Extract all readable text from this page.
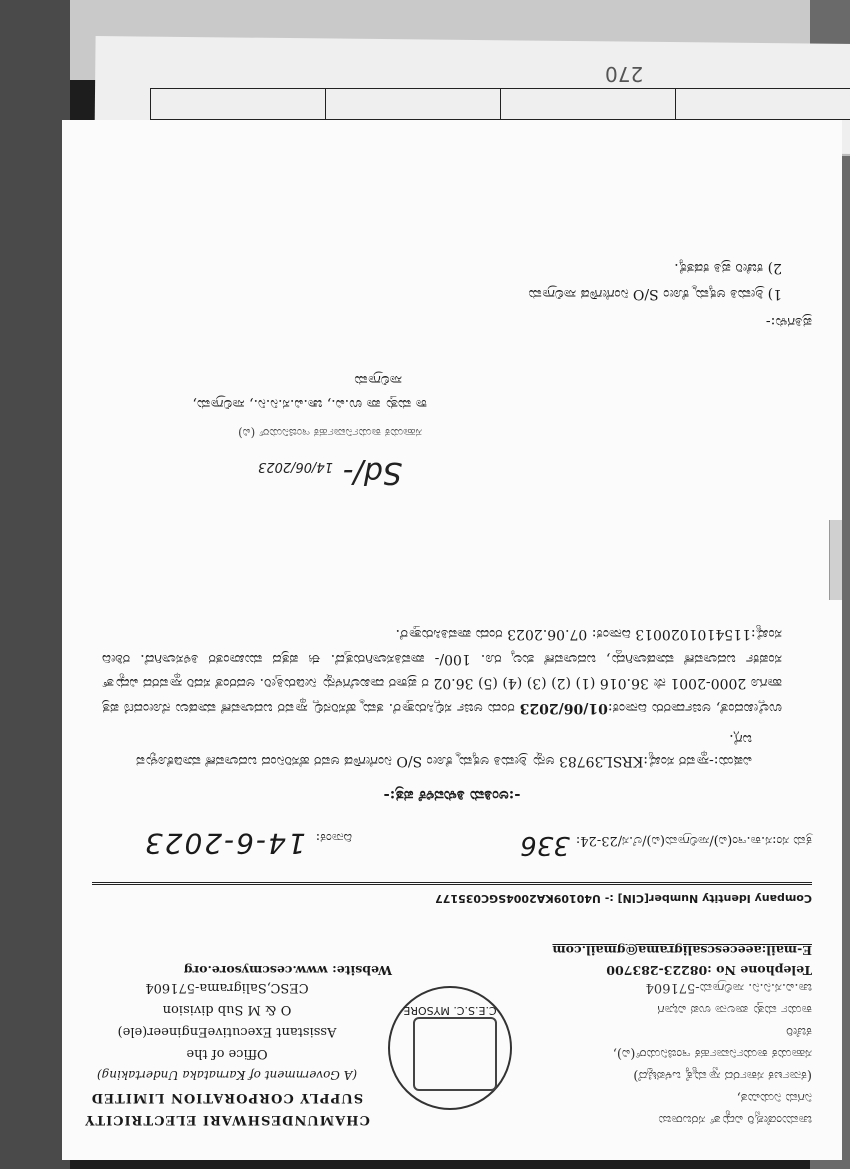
270
ಚಾಮುಂಡೇಶ್ವರಿ ವಿದ್ಯುತ್ ಸರಬರಾಜು
ನಿಗಮ ನಿಯಮಿತ,
(ಕರ್ನಾಟಕ ಸರ್ಕಾರದ ಸ್ವಾಮ್ಯಕ್ಕೆ ಒಳಪಟ್ಟಿದೆ)
ಸಹಾಯಕ ಕಾರ್ಯನಿರ್ವಾಹಕ ಇಂಜಿನಿಯರ್(ವಿ),
ಕಚೇರಿ
ಕಾರ್ಯ ಮತ್ತು ಪಾಲನಾ ಉಪ ವಿಭಾಗ
ಚಾ.ವಿ.ಸ.ನಿ.ನಿ. ಸಾಲಿಗ್ರಾಮ-571604
C.E.S.C. MYSORE
CHAMUNDESHWARI ELECTRICITY
SUPPLY CORPORATION LIMITED
(A Government of Karnataka Undertaking)
Office of the
Assistant ExecutiveEngineer(ele)
O & M Sub division
CESC,Saligrama-571604
Telephone No :08223-283700
E-mail:aeecescsaligrama@gmail.com
Website: www.cescmysore.org
Company Identity Number[CIN] :- U40109KA2004SGC035177
ಕ್ರಮ ಸಂ:ಸ.ಕಾ.ಇಂ(ವಿ)/ಸಾಲಿಗ್ರಾಮ(ವಿ)/ಲೆ.ಸ/23-24:336
ದಿನಾಂಕ:14-6-2023
-:ಅಂತಿಮ ತಿಳುವಳಿಕೆ ಪತ್ರ:-
ವಿಷಯ:-ಸ್ಥಾವರ ಸಂಖ್ಯೆ:KRSL39783 ಅನ್ನು ಶ್ರೀಮತಿ ಅಕ್ಕಮ್ಮ ಕೋಂ S/O ನಿಂಗೇಗೌಡ ಅವರ ಹೆಸರಿನಿಂದ ಬದಲಾವಣೆ ಮಾಡಿಕೊಳ್ಳುವ ಬಗ್ಗೆ.
ಉಲ್ಲೇಖದಂತೆ, ಅರ್ಜಿದಾರರು ದಿನಾಂಕ:01/06/2023 ರಂದು ಅರ್ಜಿ ಸಲ್ಲಿಸಿರುತ್ತಾರೆ. ತಮ್ಮ ಹೆಸರಿನಲ್ಲಿ ಸ್ಥಾವರ ಬದಲಾವಣೆ ಮಾಡಲು ನೋಂದಣಿ ಪತ್ರ ಹಾಗೂ 2000-2001 ನೇ 36.016 (1) (2) (3) (4) (5) 36.02 ರ ಪ್ರಕಾರ ದಾಖಲೆಗಳನ್ನು ನೀಡಿರುತ್ತೀರಿ. ಅದರಂತೆ ಸದರಿ ಸ್ಥಾವರದ ವಿದ್ಯುತ್ ಸಂಪರ್ಕ ಬದಲಾವಣೆ ಮಾಡಲಾಗಿದ್ದು, ಬದಲಾವಣೆ ಶುಲ್ಕ ರೂ. 100/- ಪಾವತಿಸಲಾಗಿರುತ್ತದೆ. ಈ ಪತ್ರದ ಮುಖಾಂತರ ತಿಳಿಸಲಾಗಿದೆ. ರಶೀದಿ ಸಂಖ್ಯೆ:1154101020013 ದಿನಾಂಕ: 07.06.2023 ರಂದು ಪಾವತಿಸಿರುತ್ತಾರೆ.
Sd/-14/06/2023
ಸಹಾಯಕ ಕಾರ್ಯನಿರ್ವಾಹಕ ಇಂಜಿನಿಯರ್ (ವಿ)
ಕಾ ಮತ್ತು ಪಾ ಉ.ವಿ., ಚಾ.ವಿ.ಸ.ನಿ.ನಿ., ಸಾಲಿಗ್ರಾಮ,
ಸಾಲಿಗ್ರಾಮ
ಪ್ರತಿಗಳು:-
1) ಶ್ರೀಮತಿ ಅಕ್ಕಮ್ಮ ಕೋಂ S/O ನಿಂಗೇಗೌಡ ಸಾಲಿಗ್ರಾಮ
2) ಕಚೇರಿ ಪ್ರತಿ ಕಡತಕ್ಕೆ.
